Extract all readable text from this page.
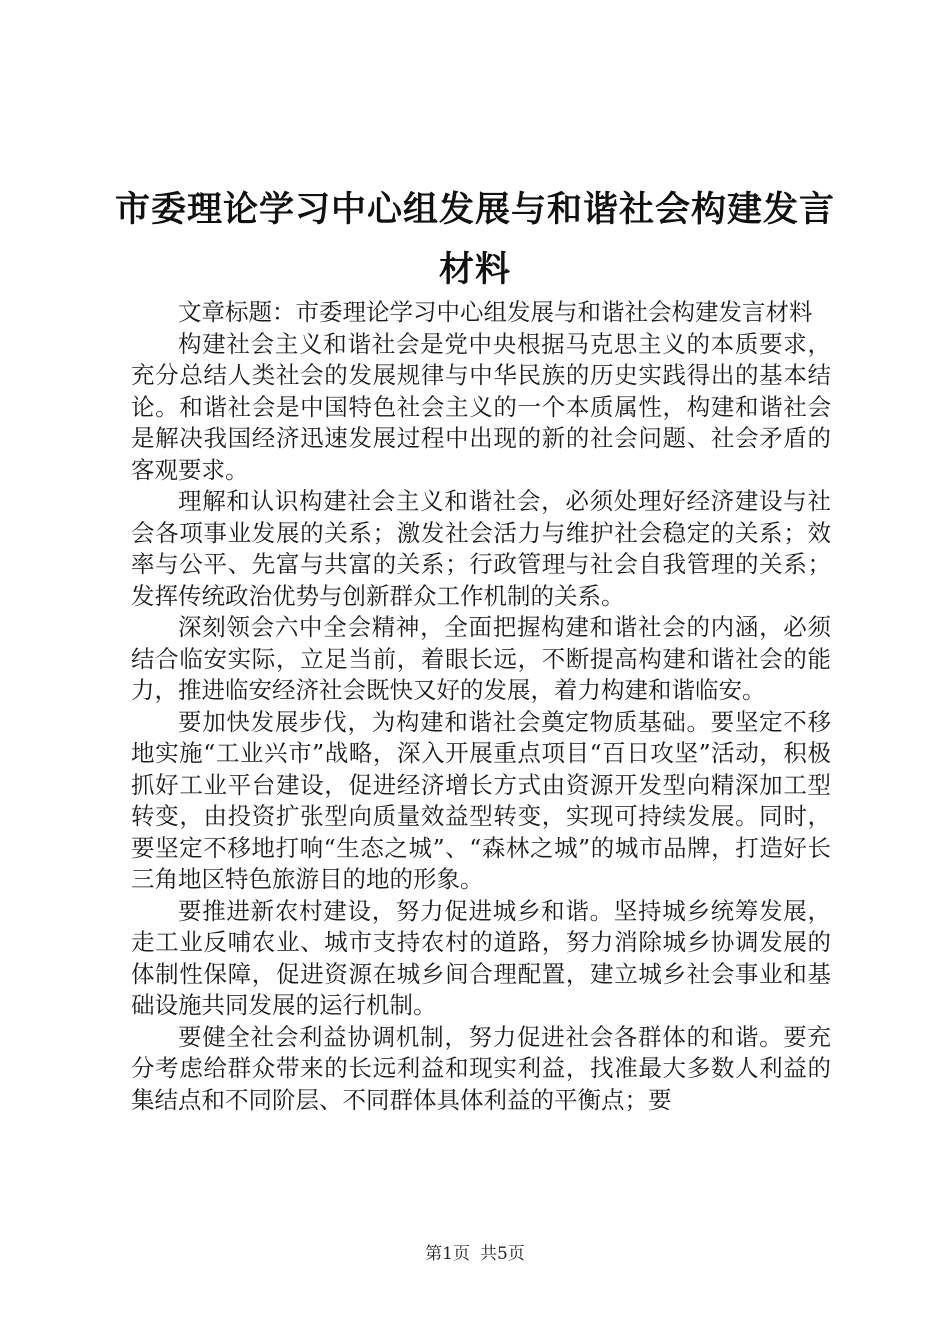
市委理论学习中心组发展与和谐社会构建发言材料

文章标题：市委理论学习中心组发展与和谐社会构建发言材料

构建社会主义和谐社会是党中央根据马克思主义的本质要求，充分总结人类社会的发展规律与中华民族的历史实践得出的基本结论。和谐社会是中国特色社会主义的一个本质属性，构建和谐社会是解决我国经济迅速发展过程中出现的新的社会问题、社会矛盾的客观要求。

理解和认识构建社会主义和谐社会，必须处理好经济建设与社会各项事业发展的关系；激发社会活力与维护社会稳定的关系；效率与公平、先富与共富的关系；行政管理与社会自我管理的关系；发挥传统政治优势与创新群众工作机制的关系。

深刻领会六中全会精神，全面把握构建和谐社会的内涵，必须结合临安实际，立足当前，着眼长远，不断提高构建和谐社会的能力，推进临安经济社会既快又好的发展，着力构建和谐临安。

要加快发展步伐，为构建和谐社会奠定物质基础。要坚定不移地实施“工业兴市”战略，深入开展重点项目“百日攻坚”活动，积极抓好工业平台建设，促进经济增长方式由资源开发型向精深加工型转变，由投资扩张型向质量效益型转变，实现可持续发展。同时，要坚定不移地打响“生态之城”、“森林之城”的城市品牌，打造好长三角地区特色旅游目的地的形象。

要推进新农村建设，努力促进城乡和谐。坚持城乡统筹发展，走工业反哺农业、城市支持农村的道路，努力消除城乡协调发展的体制性保障，促进资源在城乡间合理配置，建立城乡社会事业和基础设施共同发展的运行机制。

要健全社会利益协调机制，努力促进社会各群体的和谐。要充分考虑给群众带来的长远利益和现实利益，找准最大多数人利益的集结点和不同阶层、不同群体具体利益的平衡点；要

第1页 共5页
